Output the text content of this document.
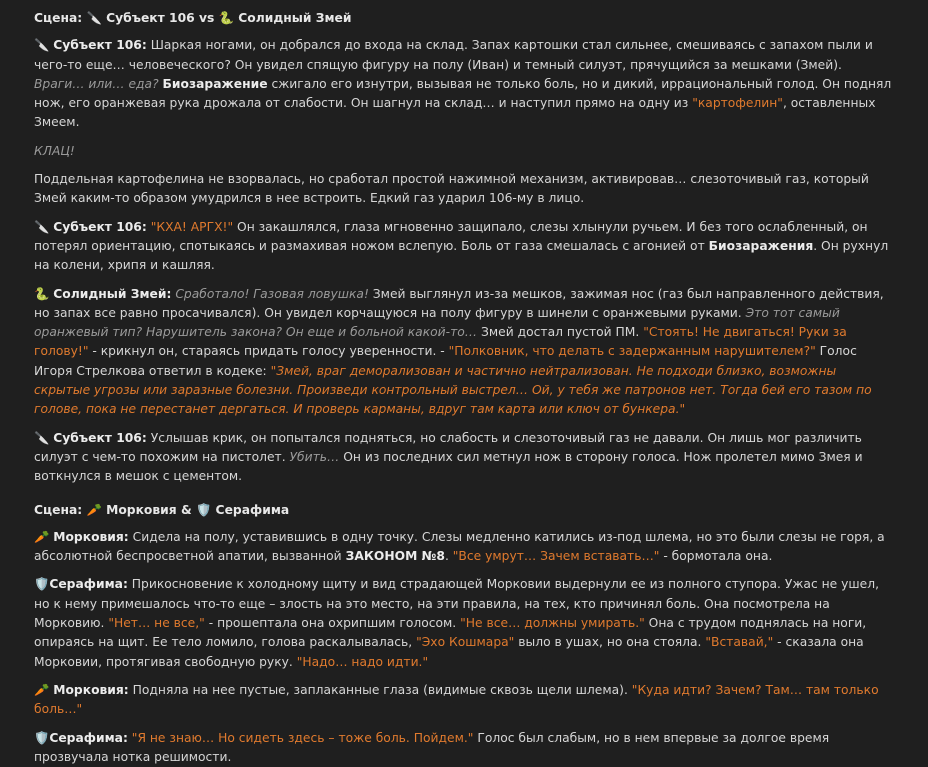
Сцена: 🔪 Субъект 106 vs 🐍 Солидный Змей

🔪 Субъект 106: Шаркая ногами, он добрался до входа на склад. Запах картошки стал сильнее, смешиваясь с запахом пыли и чего-то еще… человеческого? Он увидел спящую фигуру на полу (Иван) и темный силуэт, прячущийся за мешками (Змей). Враги… или… еда? Биозаражение сжигало его изнутри, вызывая не только боль, но и дикий, иррациональный голод. Он поднял нож, его оранжевая рука дрожала от слабости. Он шагнул на склад… и наступил прямо на одну из "картофелин", оставленных Змеем.

КЛАЦ!

Поддельная картофелина не взорвалась, но сработал простой нажимной механизм, активировав… слезоточивый газ, который Змей каким-то образом умудрился в нее встроить. Едкий газ ударил 106-му в лицо.

🔪 Субъект 106: "КХА! АРГХ!" Он закашлялся, глаза мгновенно защипало, слезы хлынули ручьем. И без того ослабленный, он потерял ориентацию, спотыкаясь и размахивая ножом вслепую. Боль от газа смешалась с агонией от Биозаражения. Он рухнул на колени, хрипя и кашляя.

🐍 Солидный Змей: Сработало! Газовая ловушка! Змей выглянул из-за мешков, зажимая нос (газ был направленного действия, но запах все равно просачивался). Он увидел корчащуюся на полу фигуру в шинели с оранжевыми руками. Это тот самый оранжевый тип? Нарушитель закона? Он еще и больной какой-то… Змей достал пустой ПМ. "Стоять! Не двигаться! Руки за голову!" - крикнул он, стараясь придать голосу уверенности. - "Полковник, что делать с задержанным нарушителем?" Голос Игоря Стрелкова ответил в кодеке: "Змей, враг деморализован и частично нейтрализован. Не подходи близко, возможны скрытые угрозы или заразные болезни. Произведи контрольный выстрел… Ой, у тебя же патронов нет. Тогда бей его тазом по голове, пока не перестанет дергаться. И проверь карманы, вдруг там карта или ключ от бункера."

🔪 Субъект 106: Услышав крик, он попытался подняться, но слабость и слезоточивый газ не давали. Он лишь мог различить силуэт с чем-то похожим на пистолет. Убить… Он из последних сил метнул нож в сторону голоса. Нож пролетел мимо Змея и воткнулся в мешок с цементом.

Сцена: 🥕 Морковия & 🛡️ Серафима

🥕 Морковия: Сидела на полу, уставившись в одну точку. Слезы медленно катились из-под шлема, но это были слезы не горя, а абсолютной беспросветной апатии, вызванной ЗАКОНОМ №8. "Все умрут… Зачем вставать…" - бормотала она.

🛡️Серафима: Прикосновение к холодному щиту и вид страдающей Морковии выдернули ее из полного ступора. Ужас не ушел, но к нему примешалось что-то еще – злость на это место, на эти правила, на тех, кто причинял боль. Она посмотрела на Морковию. "Нет… не все," - прошептала она охрипшим голосом. "Не все… должны умирать." Она с трудом поднялась на ноги, опираясь на щит. Ее тело ломило, голова раскалывалась, "Эхо Кошмара" выло в ушах, но она стояла. "Вставай," - сказала она Морковии, протягивая свободную руку. "Надо… надо идти."

🥕 Морковия: Подняла на нее пустые, заплаканные глаза (видимые сквозь щели шлема). "Куда идти? Зачем? Там… там только боль…"

🛡️Серафима: "Я не знаю… Но сидеть здесь – тоже боль. Пойдем." Голос был слабым, но в нем впервые за долгое время прозвучала нотка решимости.
